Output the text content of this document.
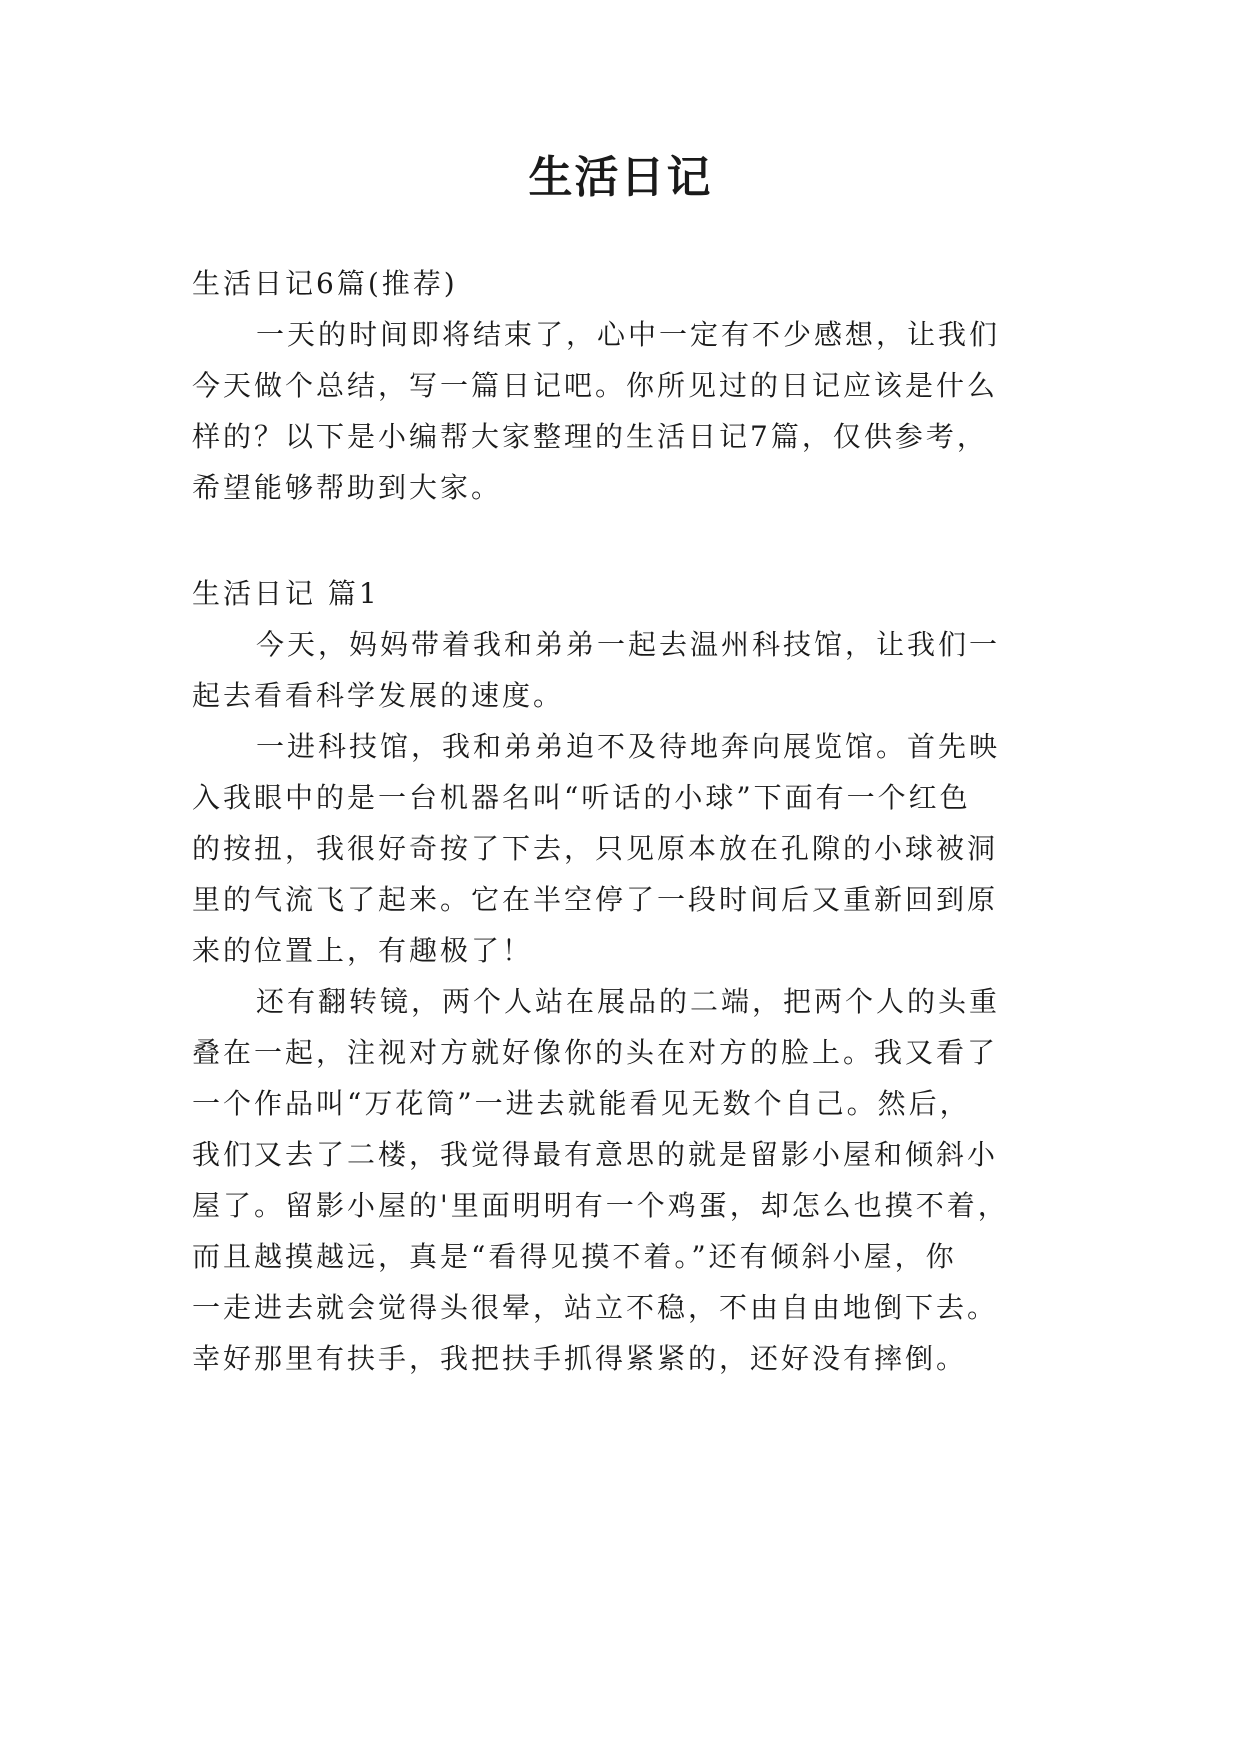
生活日记
生活日记6篇(推荐)
一天的时间即将结束了，心中一定有不少感想，让我们
今天做个总结，写一篇日记吧。你所见过的日记应该是什么
样的？以下是小编帮大家整理的生活日记7篇，仅供参考，
希望能够帮助到大家。
生活日记 篇1
今天，妈妈带着我和弟弟一起去温州科技馆，让我们一
起去看看科学发展的速度。
一进科技馆，我和弟弟迫不及待地奔向展览馆。首先映
入我眼中的是一台机器名叫“听话的小球”下面有一个红色
的按扭，我很好奇按了下去，只见原本放在孔隙的小球被洞
里的气流飞了起来。它在半空停了一段时间后又重新回到原
来的位置上，有趣极了！
还有翻转镜，两个人站在展品的二端，把两个人的头重
叠在一起，注视对方就好像你的头在对方的脸上。我又看了
一个作品叫“万花筒”一进去就能看见无数个自己。然后，
我们又去了二楼，我觉得最有意思的就是留影小屋和倾斜小
屋了。留影小屋的'里面明明有一个鸡蛋，却怎么也摸不着，
而且越摸越远，真是“看得见摸不着。”还有倾斜小屋，你
一走进去就会觉得头很晕，站立不稳，不由自由地倒下去。
幸好那里有扶手，我把扶手抓得紧紧的，还好没有摔倒。
